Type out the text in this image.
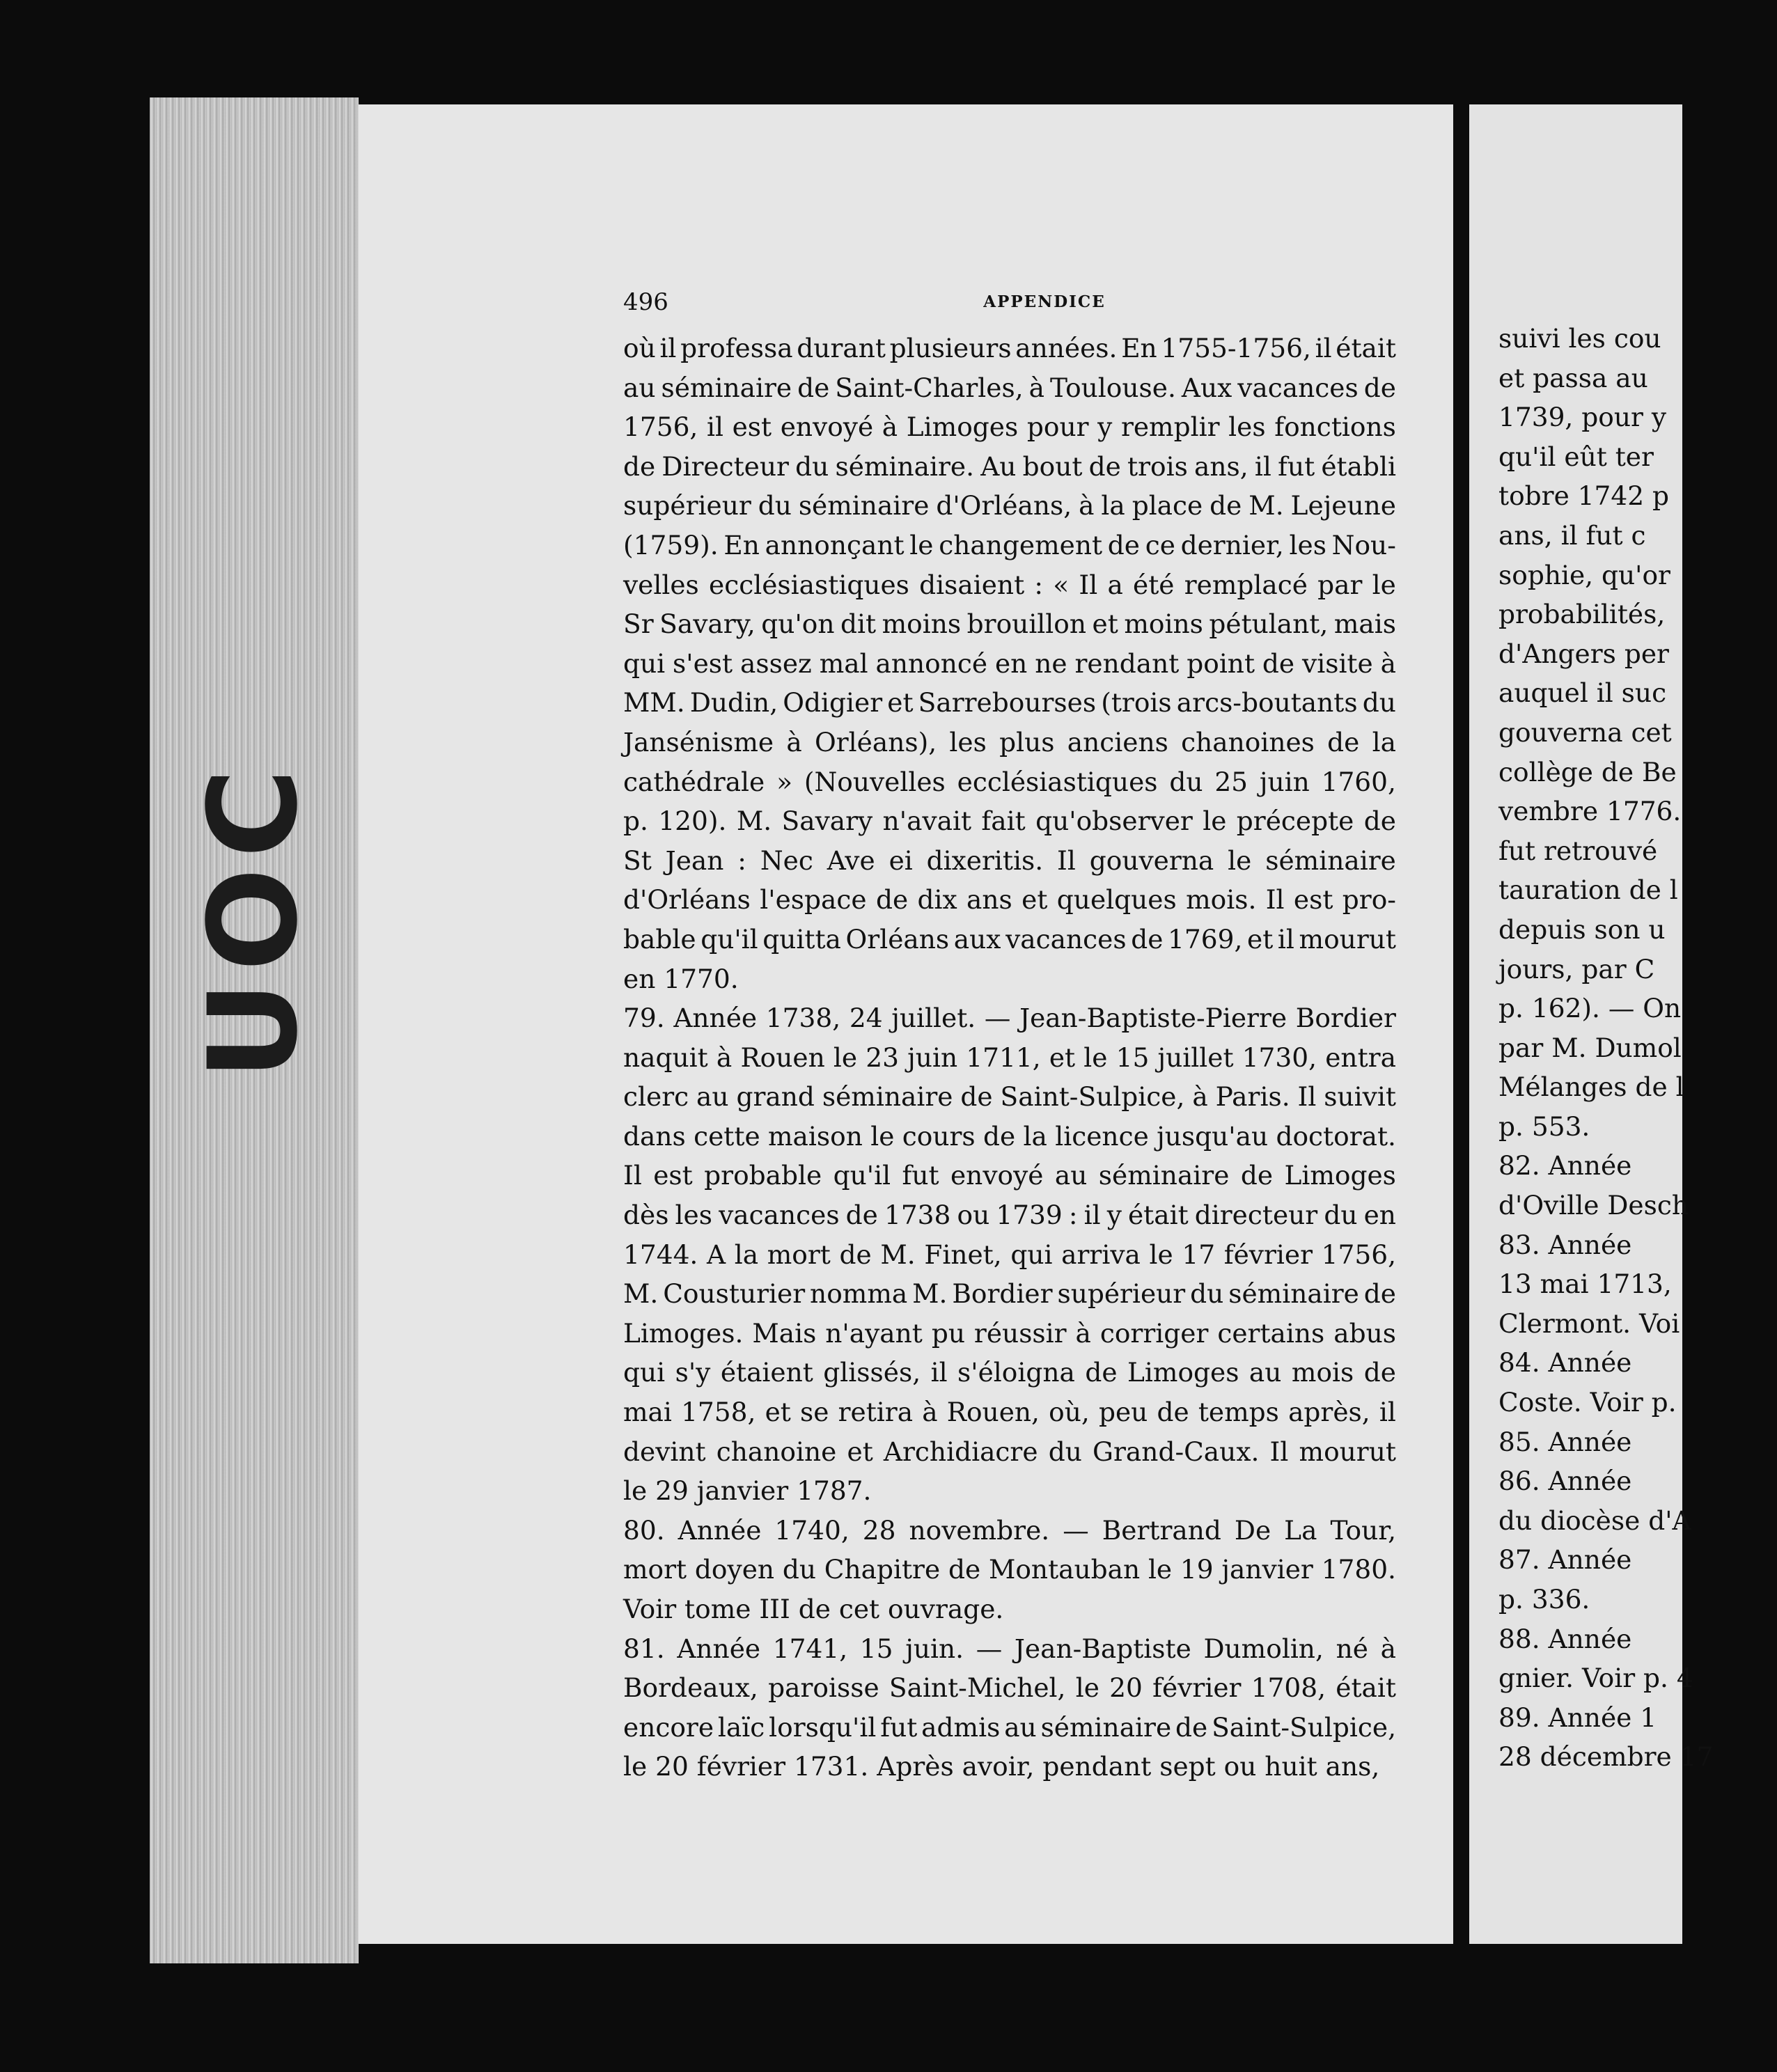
UOC
496	APPENDICE
où il professa durant plusieurs années. En 1755-1756, il était
au séminaire de Saint-Charles, à Toulouse. Aux vacances de
1756, il est envoyé à Limoges pour y remplir les fonctions
de Directeur du séminaire. Au bout de trois ans, il fut établi
supérieur du séminaire d'Orléans, à la place de M. Lejeune
(1759). En annonçant le changement de ce dernier, les Nou-
velles ecclésiastiques disaient : « Il a été remplacé par le
Sr Savary, qu'on dit moins brouillon et moins pétulant, mais
qui s'est assez mal annoncé en ne rendant point de visite à
MM. Dudin, Odigier et Sarrebourses (trois arcs-boutants du
Jansénisme à Orléans), les plus anciens chanoines de la
cathédrale » (Nouvelles ecclésiastiques du 25 juin 1760,
p. 120). M. Savary n'avait fait qu'observer le précepte de
St Jean : Nec Ave ei dixeritis. Il gouverna le séminaire
d'Orléans l'espace de dix ans et quelques mois. Il est pro-
bable qu'il quitta Orléans aux vacances de 1769, et il mourut
en 1770.
79. Année 1738, 24 juillet. — Jean-Baptiste-Pierre Bordier
naquit à Rouen le 23 juin 1711, et le 15 juillet 1730, entra
clerc au grand séminaire de Saint-Sulpice, à Paris. Il suivit
dans cette maison le cours de la licence jusqu'au doctorat.
Il est probable qu'il fut envoyé au séminaire de Limoges
dès les vacances de 1738 ou 1739 : il y était directeur du en
1744. A la mort de M. Finet, qui arriva le 17 février 1756,
M. Cousturier nomma M. Bordier supérieur du séminaire de
Limoges. Mais n'ayant pu réussir à corriger certains abus
qui s'y étaient glissés, il s'éloigna de Limoges au mois de
mai 1758, et se retira à Rouen, où, peu de temps après, il
devint chanoine et Archidiacre du Grand-Caux. Il mourut
le 29 janvier 1787.
80. Année 1740, 28 novembre. — Bertrand De La Tour,
mort doyen du Chapitre de Montauban le 19 janvier 1780.
Voir tome III de cet ouvrage.
81. Année 1741, 15 juin. — Jean-Baptiste Dumolin, né à
Bordeaux, paroisse Saint-Michel, le 20 février 1708, était
encore laïc lorsqu'il fut admis au séminaire de Saint-Sulpice,
le 20 février 1731. Après avoir, pendant sept ou huit ans,
suivi les cou
et passa au
1739, pour y
qu'il eût ter
tobre 1742 p
ans, il fut c
sophie, qu'or
probabilités,
d'Angers per
auquel il suc
gouverna cet
collège de Be
vembre 1776.
fut retrouvé
tauration de l
depuis son u
jours, par C
p. 162). — On
par M. Dumol
Mélanges de l
p. 553.
82. Année
d'Oville Desch
83. Année
13 mai 1713,
Clermont. Voi
84. Année
Coste. Voir p.
85. Année
86. Année
du diocèse d'A
87. Année
p. 336.
88. Année
gnier. Voir p. 4
89. Année 1
28 décembre 17
